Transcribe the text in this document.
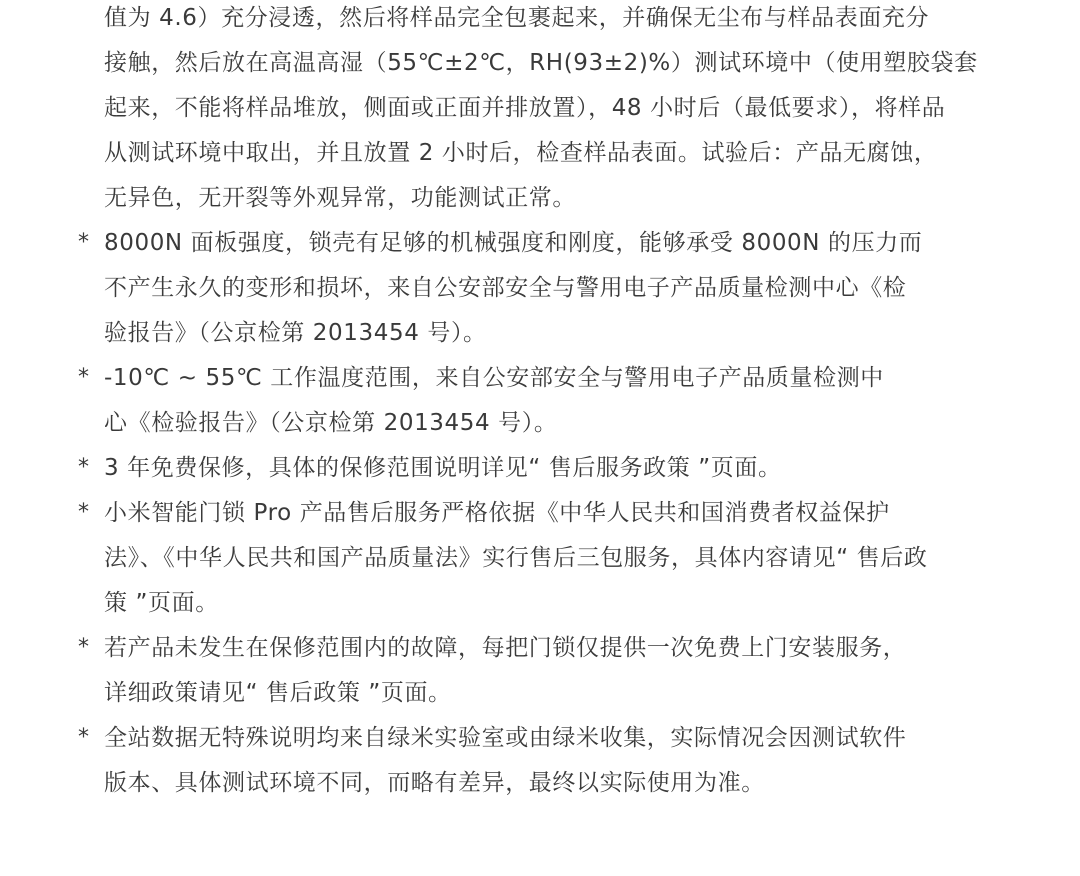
值为 4.6）充分浸透，然后将样品完全包裹起来，并确保无尘布与样品表面充分
接触，然后放在高温高湿（55℃±2℃，RH(93±2)%）测试环境中（使用塑胶袋套
起来，不能将样品堆放，侧面或正面并排放置），48 小时后（最低要求），将样品
从测试环境中取出，并且放置 2 小时后，检查样品表面。试验后：产品无腐蚀，
无异色，无开裂等外观异常，功能测试正常。
* 8000N 面板强度，锁壳有足够的机械强度和刚度，能够承受 8000N 的压力而
不产生永久的变形和损坏，来自公安部安全与警用电子产品质量检测中心《检
验报告》（公京检第 2013454 号）。
* -10℃ ~ 55℃ 工作温度范围，来自公安部安全与警用电子产品质量检测中
心《检验报告》（公京检第 2013454 号）。
* 3 年免费保修，具体的保修范围说明详见“ 售后服务政策 ”页面。
* 小米智能门锁 Pro 产品售后服务严格依据《中华人民共和国消费者权益保护
法》、《中华人民共和国产品质量法》实行售后三包服务，具体内容请见“ 售后政
策 ”页面。
* 若产品未发生在保修范围内的故障，每把门锁仅提供一次免费上门安装服务，
详细政策请见“ 售后政策 ”页面。
* 全站数据无特殊说明均来自绿米实验室或由绿米收集，实际情况会因测试软件
版本、具体测试环境不同，而略有差异，最终以实际使用为准。
